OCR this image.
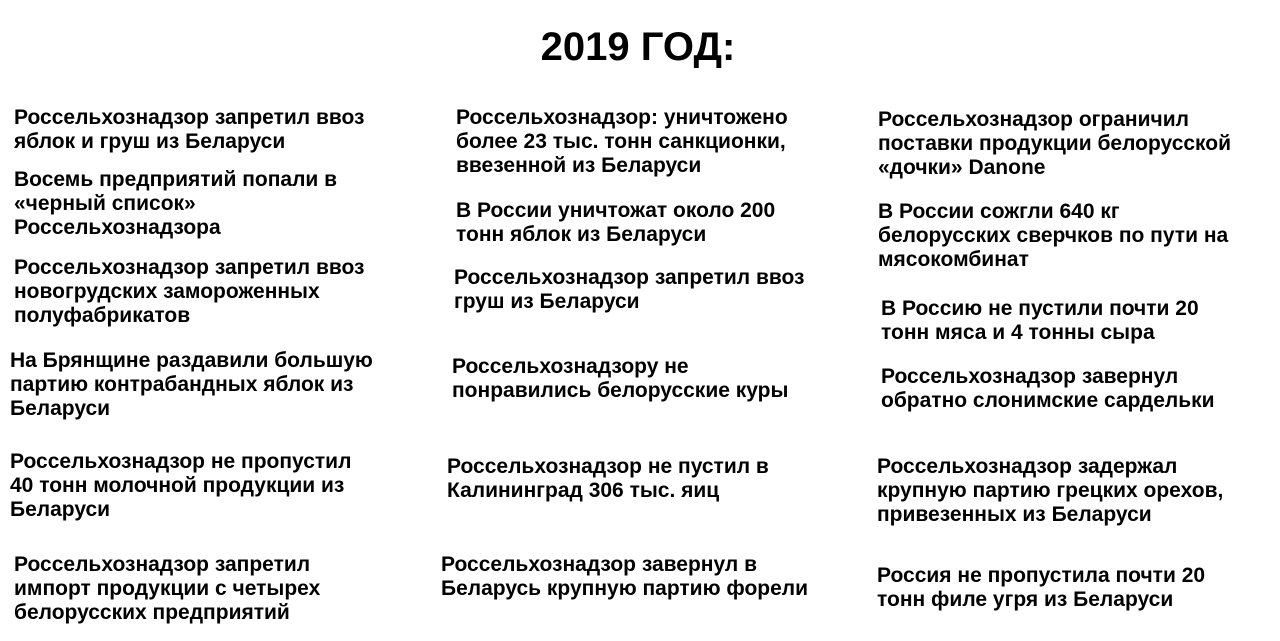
2019 ГОД:

Россельхознадзор запретил ввоз
яблок и груш из Беларуси

Восемь предприятий попали в
«черный список»
Россельхознадзора

Россельхознадзор запретил ввоз
новогрудских замороженных
полуфабрикатов

На Брянщине раздавили большую
партию контрабандных яблок из
Беларуси

Россельхознадзор не пропустил
40 тонн молочной продукции из
Беларуси

Россельхознадзор запретил
импорт продукции с четырех
белорусских предприятий

Россельхознадзор: уничтожено
более 23 тыс. тонн санкционки,
ввезенной из Беларуси

В России уничтожат около 200
тонн яблок из Беларуси

Россельхознадзор запретил ввоз
груш из Беларуси

Россельхознадзору не
понравились белорусские куры

Россельхознадзор не пустил в
Калининград 306 тыс. яиц

Россельхознадзор завернул в
Беларусь крупную партию форели

Россельхознадзор ограничил
поставки продукции белорусской
«дочки» Danone

В России сожгли 640 кг
белорусских сверчков по пути на
мясокомбинат

В Россию не пустили почти 20
тонн мяса и 4 тонны сыра

Россельхознадзор завернул
обратно слонимские сардельки

Россельхознадзор задержал
крупную партию грецких орехов,
привезенных из Беларуси

Россия не пропустила почти 20
тонн филе угря из Беларуси
